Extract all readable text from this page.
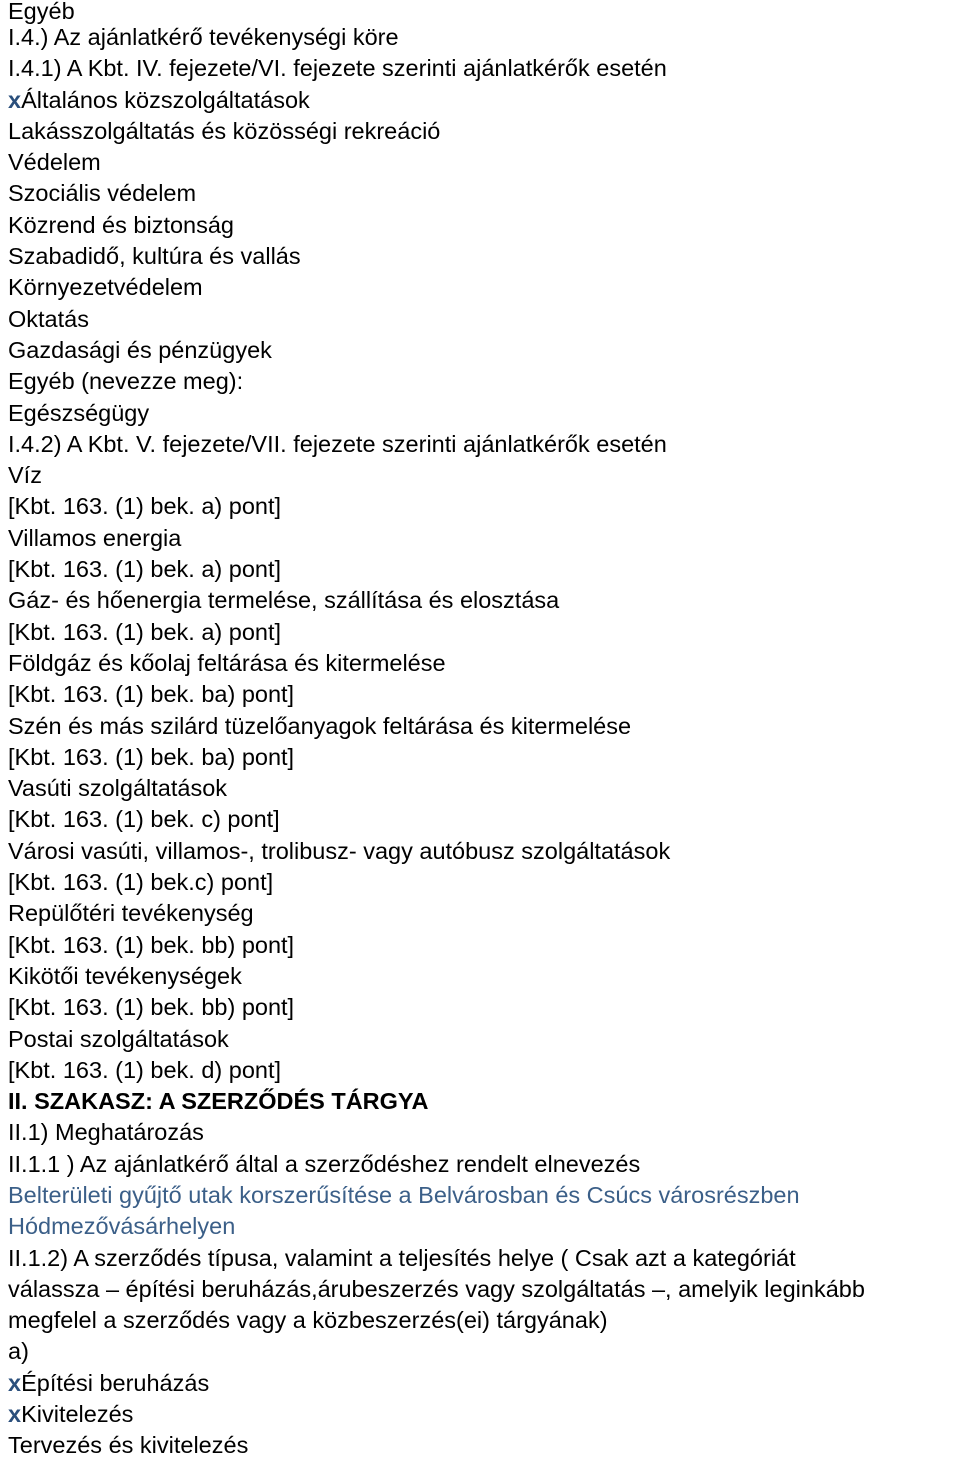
Egyéb
I.4.) Az ajánlatkérő tevékenységi köre
I.4.1) A Kbt. IV. fejezete/VI. fejezete szerinti ajánlatkérők esetén
xÁltalános közszolgáltatások
Lakásszolgáltatás és közösségi rekreáció
Védelem
Szociális védelem
Közrend és biztonság
Szabadidő, kultúra és vallás
Környezetvédelem
Oktatás
Gazdasági és pénzügyek
Egyéb (nevezze meg):
Egészségügy
I.4.2) A Kbt. V. fejezete/VII. fejezete szerinti ajánlatkérők esetén
Víz
[Kbt. 163. (1) bek. a) pont]
Villamos energia
[Kbt. 163. (1) bek. a) pont]
Gáz- és hőenergia termelése, szállítása és elosztása
[Kbt. 163. (1) bek. a) pont]
Földgáz és kőolaj feltárása és kitermelése
[Kbt. 163. (1) bek. ba) pont]
Szén és más szilárd tüzelőanyagok feltárása és kitermelése
[Kbt. 163. (1) bek. ba) pont]
Vasúti szolgáltatások
[Kbt. 163. (1) bek. c) pont]
Városi vasúti, villamos-, trolibusz- vagy autóbusz szolgáltatások
[Kbt. 163. (1) bek.c) pont]
Repülőtéri tevékenység
[Kbt. 163. (1) bek. bb) pont]
Kikötői tevékenységek
[Kbt. 163. (1) bek. bb) pont]
Postai szolgáltatások
[Kbt. 163. (1) bek. d) pont]
II. SZAKASZ: A SZERZŐDÉS TÁRGYA
II.1) Meghatározás
II.1.1 ) Az ajánlatkérő által a szerződéshez rendelt elnevezés
Belterületi gyűjtő utak korszerűsítése a Belvárosban és Csúcs városrészben
Hódmezővásárhelyen
II.1.2) A szerződés típusa, valamint a teljesítés helye ( Csak azt a kategóriát
válassza – építési beruházás,árubeszerzés vagy szolgáltatás –, amelyik leginkább
megfelel a szerződés vagy a közbeszerzés(ei) tárgyának)
a)
xÉpítési beruházás
xKivitelezés
Tervezés és kivitelezés
